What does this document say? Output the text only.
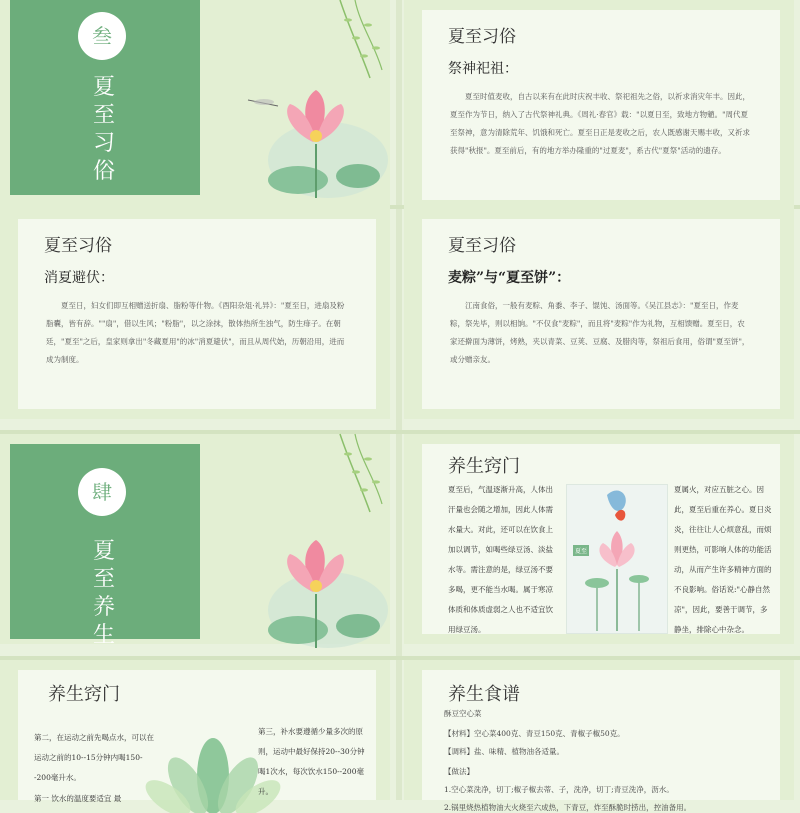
叁
夏至习俗
夏至习俗
祭神祀祖：
夏至时值麦收，自古以来有在此时庆祝丰收、祭祀祖先之俗，以祈求消灾年丰。因此，夏至作为节日，纳入了古代祭神礼典。《周礼·春官》载："以夏日至，致地方物魈。"周代夏至祭神，意为清除荒年、饥饿和死亡。夏至日正是麦收之后，农人既感谢天赐丰收，又祈求获得"秋报"。夏至前后，有的地方举办隆重的"过夏麦"，系古代"夏祭"活动的遗存。
夏至习俗
消夏避伏：
夏至日，妇女们即互相赠送折扇、脂粉等什物。《酉阳杂俎·礼异》："夏至日，进扇及粉脂囊，皆有辞。""扇"，借以生风；"粉脂"，以之涂抹，散体热所生浊气，防生痱子。在朝廷，"夏至"之后，皇家则拿出"冬藏夏用"的冰"消夏避伏"，而且从周代始，历朝沿用，进而成为制度。
夏至习俗
麦粽”与“夏至饼”：
江南食俗，一般有麦粽、角黍、李子、馄饨、汤面等。《吴江县志》："夏至日，作麦粽，祭先毕，则以相饷。"不仅食"麦粽"，而且将"麦粽"作为礼物，互相馈赠。夏至日，农家还擀面为薄饼，烤熟，夹以青菜、豆荚、豆腐、及腊肉等，祭祖后食用，俗谓"夏至饼"，或分赠亲友。
肆
夏至养生
养生窍门
夏至后，气温逐渐升高，人体出汗量也会随之增加，因此人体需水量大。对此，还可以在饮食上加以调节，如喝些绿豆汤、淡盐水等。需注意的是，绿豆汤不要多喝，更不能当水喝。属于寒凉体质和体质虚弱之人也不适宜饮用绿豆汤。
夏至
夏属火，对应五脏之心。因此，夏至后重在养心。夏日炎炎，往往让人心烦意乱，而烦则更热，可影响人体的功能活动，从而产生许多精神方面的不良影响。俗话说:"心静自然凉"，因此，要善于调节，多静坐，排除心中杂念。
养生窍门
第二，在运动之前先喝点水，可以在运动之前的10--15分钟内喝150--200毫升水。
第一 饮水的温度要适宜 最
第三，补水要遵循少量多次的原则，运动中最好保持20--30分钟喝1次水，每次饮水150--200毫升。
养生食谱
酥豆空心菜
【材料】空心菜400克、青豆150克、青椒子椒50克。
【调料】盐、味精、植物油各适量。
【做法】
1.空心菜洗净，切丁;椒子椒去蒂、子，洗净，切丁;青豆洗净，沥水。
2.锅里烧热植物油大火烧至六成热，下青豆，炸至酥脆时捞出，控油备用。
